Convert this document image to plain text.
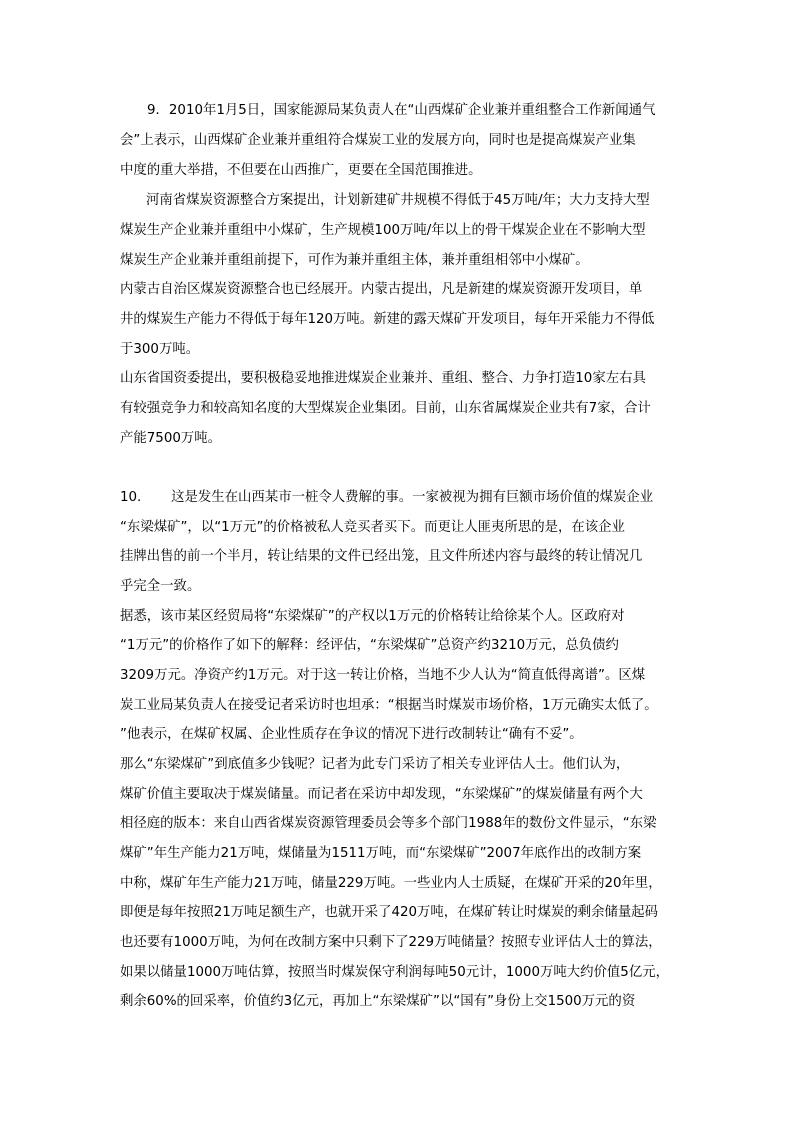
9．2010年1月5日，国家能源局某负责人在“山西煤矿企业兼并重组整合工作新闻通气
会”上表示，山西煤矿企业兼并重组符合煤炭工业的发展方向，同时也是提高煤炭产业集
中度的重大举措，不但要在山西推广，更要在全国范围推进。
河南省煤炭资源整合方案提出，计划新建矿井规模不得低于45万吨/年；大力支持大型
煤炭生产企业兼并重组中小煤矿，生产规模100万吨/年以上的骨干煤炭企业在不影响大型
煤炭生产企业兼并重组前提下，可作为兼并重组主体，兼并重组相邻中小煤矿。
内蒙古自治区煤炭资源整合也已经展开。内蒙古提出，凡是新建的煤炭资源开发项目，单
井的煤炭生产能力不得低于每年120万吨。新建的露天煤矿开发项目，每年开采能力不得低
于300万吨。
山东省国资委提出，要积极稳妥地推进煤炭企业兼并、重组、整合、力争打造10家左右具
有较强竞争力和较高知名度的大型煤炭企业集团。目前，山东省属煤炭企业共有7家，合计
产能7500万吨。
10.       这是发生在山西某市一桩令人费解的事。一家被视为拥有巨额市场价值的煤炭企业
“东梁煤矿”，以“1万元”的价格被私人竞买者买下。而更让人匪夷所思的是，在该企业
挂牌出售的前一个半月，转让结果的文件已经出笼，且文件所述内容与最终的转让情况几
乎完全一致。
据悉，该市某区经贸局将“东梁煤矿”的产权以1万元的价格转让给徐某个人。区政府对
“1万元”的价格作了如下的解释：经评估，“东梁煤矿”总资产约3210万元，总负债约
3209万元。净资产约1万元。对于这一转让价格，当地不少人认为“简直低得离谱”。区煤
炭工业局某负责人在接受记者采访时也坦承：“根据当时煤炭市场价格，1万元确实太低了。
”他表示，在煤矿权属、企业性质存在争议的情况下进行改制转让“确有不妥”。
那么“东梁煤矿”到底值多少钱呢？记者为此专门采访了相关专业评估人士。他们认为，
煤矿价值主要取决于煤炭储量。而记者在采访中却发现，“东梁煤矿”的煤炭储量有两个大
相径庭的版本：来自山西省煤炭资源管理委员会等多个部门1988年的数份文件显示，“东梁
煤矿”年生产能力21万吨，煤储量为1511万吨，而“东梁煤矿”2007年底作出的改制方案
中称，煤矿年生产能力21万吨，储量229万吨。一些业内人士质疑，在煤矿开采的20年里，
即便是每年按照21万吨足额生产，也就开采了420万吨，在煤矿转让时煤炭的剩余储量起码
也还要有1000万吨，为何在改制方案中只剩下了229万吨储量？按照专业评估人士的算法，
如果以储量1000万吨估算，按照当时煤炭保守利润每吨50元计，1000万吨大约价值5亿元，
剩余60%的回采率，价值约3亿元，再加上“东梁煤矿”以“国有”身份上交1500万元的资
